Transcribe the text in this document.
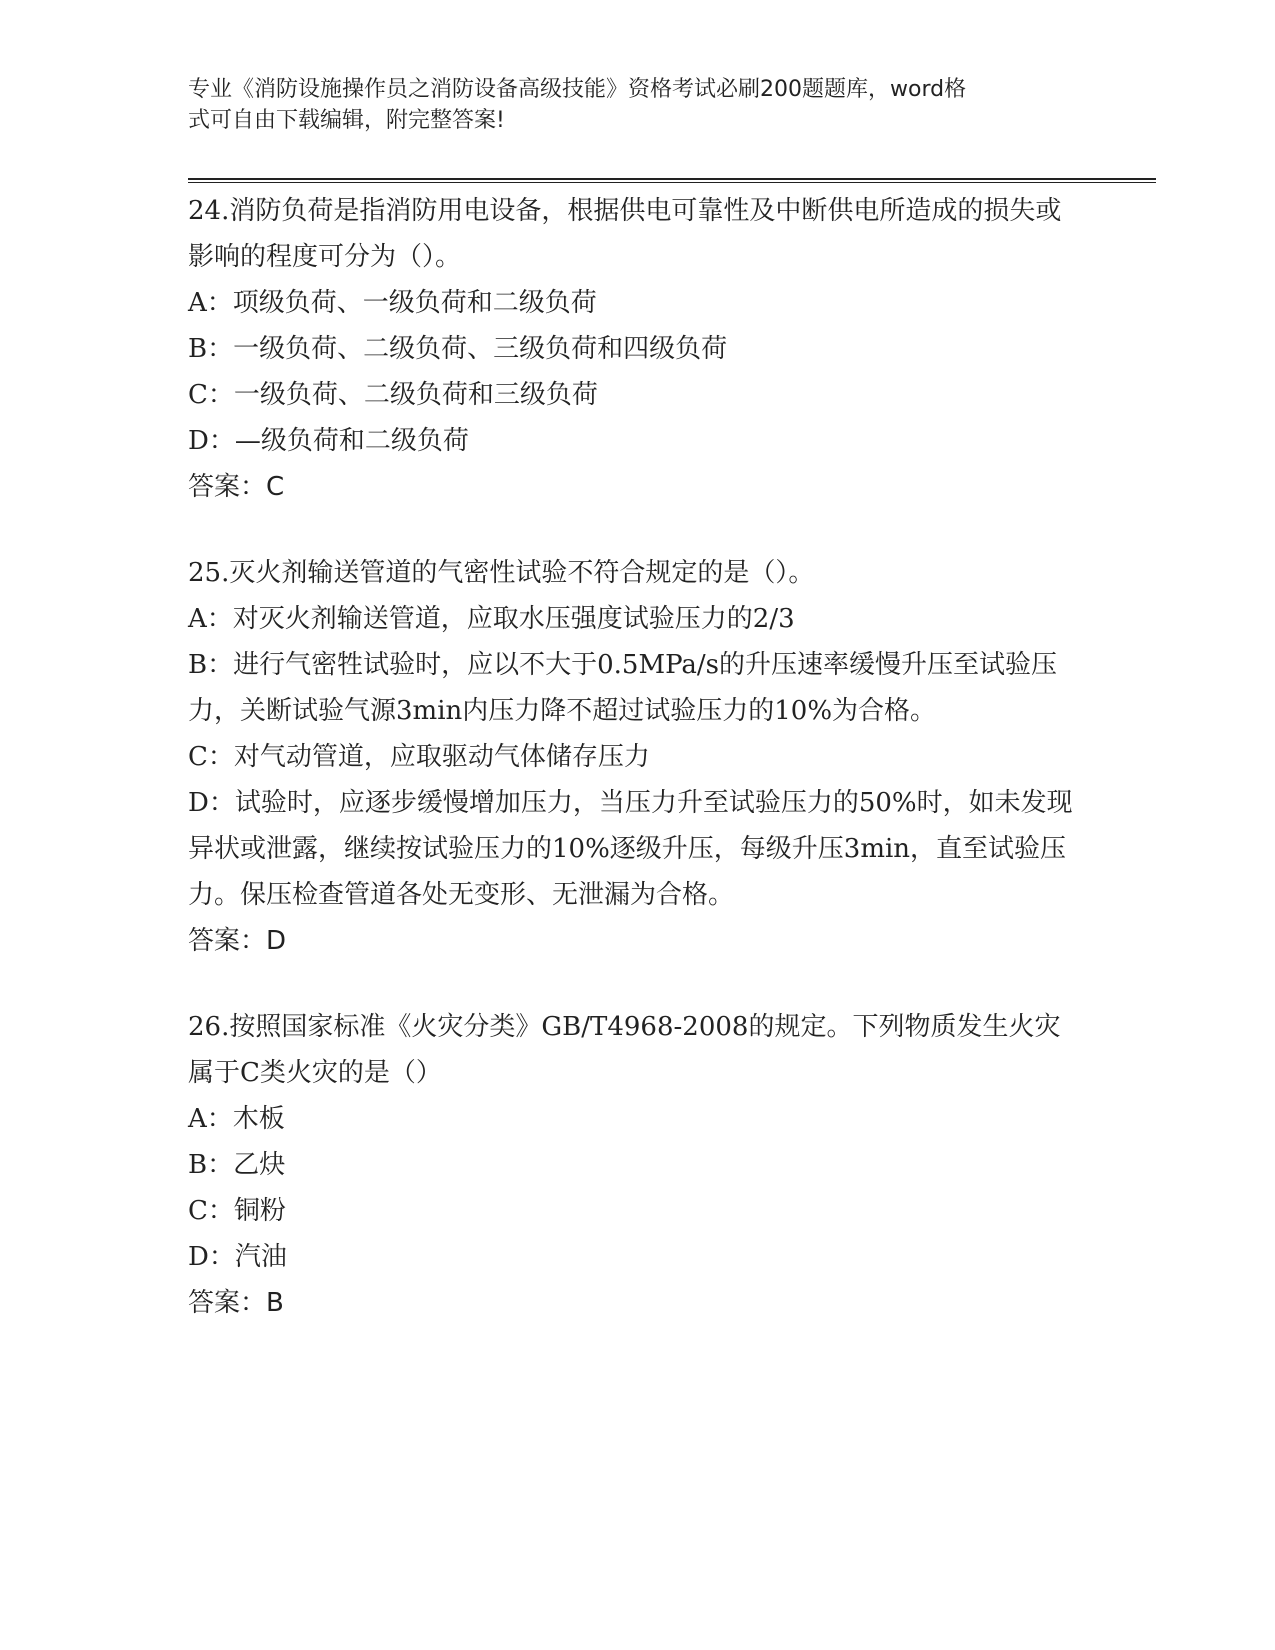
专业《消防设施操作员之消防设备高级技能》资格考试必刷200题题库，word格
式可自由下载编辑，附完整答案!
24.消防负荷是指消防用电设备，根据供电可靠性及中断供电所造成的损失或影响的程度可分为（）。
A：项级负荷、一级负荷和二级负荷
B：一级负荷、二级负荷、三级负荷和四级负荷
C：一级负荷、二级负荷和三级负荷
D：—级负荷和二级负荷
答案：C
25.灭火剂输送管道的气密性试验不符合规定的是（）。
A：对灭火剂输送管道，应取水压强度试验压力的2/3
B：进行气密牲试验时，应以不大于0.5MPa/s的升压速率缓慢升压至试验压力，关断试验气源3min内压力降不超过试验压力的10%为合格。
C：对气动管道，应取驱动气体储存压力
D：试验时，应逐步缓慢增加压力，当压力升至试验压力的50%时，如未发现异状或泄露，继续按试验压力的10%逐级升压，每级升压3min，直至试验压力。保压检查管道各处无变形、无泄漏为合格。
答案：D
26.按照国家标准《火灾分类》GB/T4968-2008的规定。下列物质发生火灾属于C类火灾的是（）
A：木板
B：乙炔
C：铜粉
D：汽油
答案：B
